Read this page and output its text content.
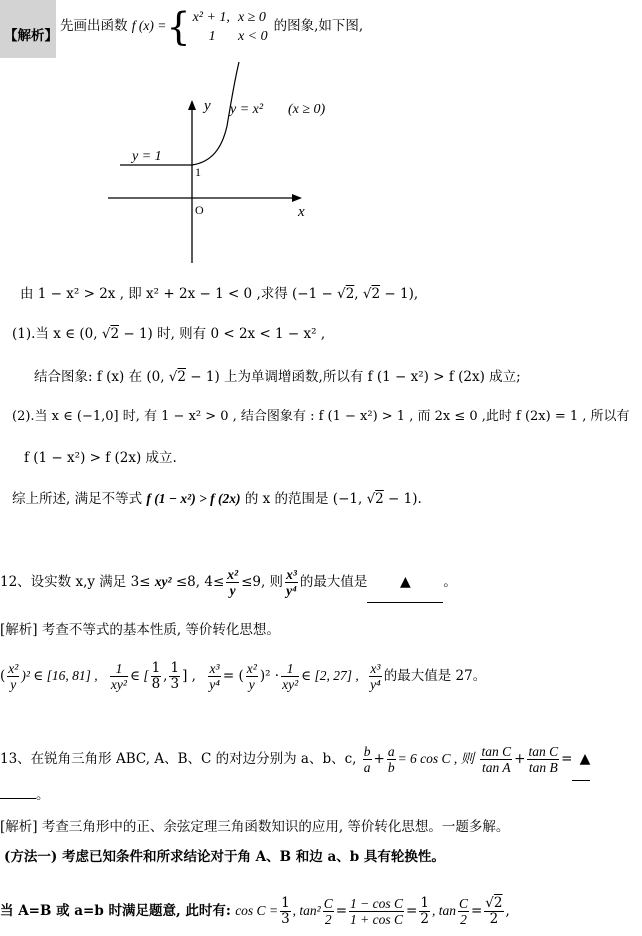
【解析】
先画出函数 f (x) ={ x² + 1,	x ≥ 0
1	x < 0的图象,如下图,
y
x
O
1
y = x² (x ≥ 0)
y = 1
由 1 − x² > 2x , 即 x² + 2x − 1 < 0 ,求得 (−1 − √2, √2 − 1),
(1).当 x ∈ (0, √2 − 1) 时, 则有 0 < 2x < 1 − x² ,
结合图象: f (x) 在 (0, √2 − 1) 上为单调增函数,所以有 f (1 − x²) > f (2x) 成立;
(2).当 x ∈ (−1,0] 时, 有 1 − x² > 0 , 结合图象有 : f (1 − x²) > 1 , 而 2x ≤ 0 ,此时 f (2x) = 1 , 所以有
f (1 − x²) > f (2x) 成立.
综上所述, 满足不等式 f (1 − x²) > f (2x) 的 x 的范围是 (−1, √2 − 1).
12、设实数 x,y 满足 3≤ xy² ≤8, $4\le \frac{\text{x²}}{y} \le 9$, 则 $\frac{\text{x³}}{\text{y⁴}}$ 的最大值是 ▲ 。
[解析] 考查不等式的基本性质, 等价转化思想。
( $\frac{\text{x²}}{y} )^2$ ∈ [16, 81] , $\frac{1}{\text{xy²}}$ ∈ [ $\frac{1}{8}$ , $\frac{1}{3}$ ] , $\frac{\text{x³}}{\text{y⁴}}$ = ( $\frac{\text{x²}}{y} )^2 \cdot \frac{1}{\text{xy²}}$ ∈ [2, 27] , $\frac{\text{x³}}{\text{y⁴}}$ 的最大值是 27。
13、在锐角三角形 ABC, A、B、C 的对边分别为 a、b、c, $\frac{b}{a} + \frac{a}{b} = 6$ cos C , 则 $\frac{\text{tan C}}{\text{tan A}} + \frac{\text{tan C}}{\text{tan B}}$ = ▲
。
[解析] 考查三角形中的正、余弦定理三角函数知识的应用, 等价转化思想。一题多解。
(方法一) 考虑已知条件和所求结论对于角 A、B 和边 a、b 具有轮换性。
当 A=B 或 a=b 时满足题意, 此时有: $\cos C = \frac{1}{3}$ , $\tan^2 \frac{C}{2} = \frac{\text{1 − cos C}}{\text{1 + cos C}} = \frac{1}{2}$ , $\tan \frac{C}{2} = \frac{√2}{2}$ ,
